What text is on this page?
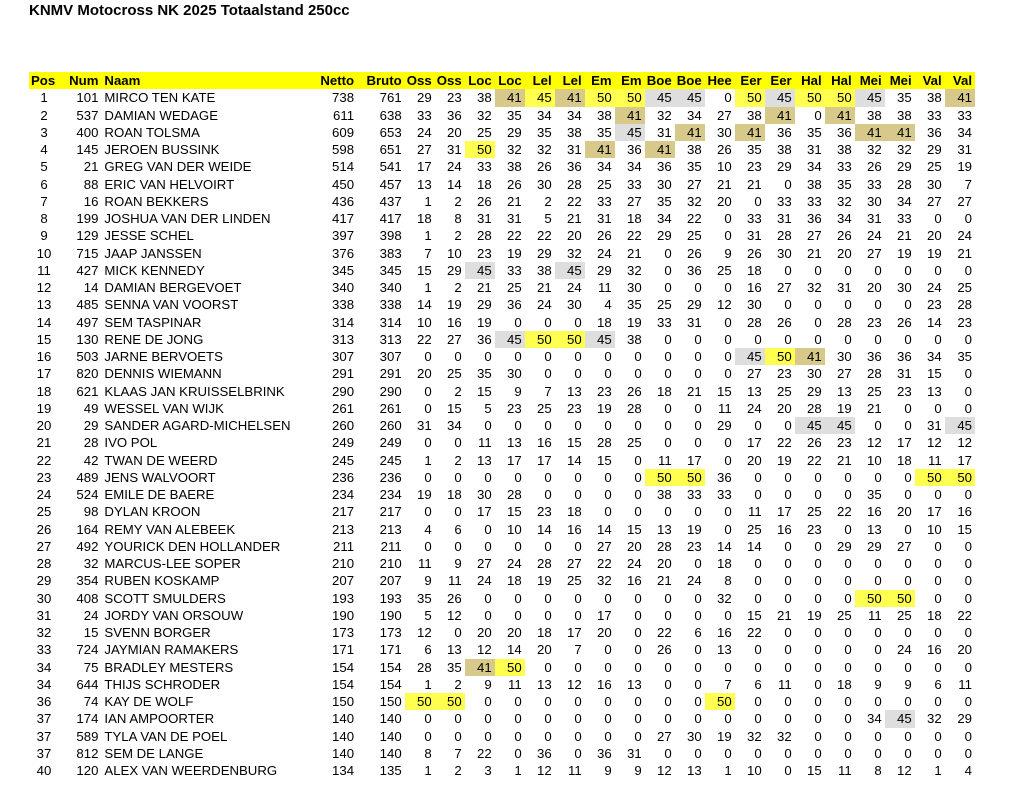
KNMV Motocross NK 2025 Totaalstand 250cc
Pos	Num	Naam	Netto	Bruto	Oss	Oss	Loc	Loc	Lel	Lel	Em	Em	Boe	Boe	Hee	Eer	Eer	Hal	Hal	Mei	Mei	Val	Val
1	101	MIRCO TEN KATE	738	761	29	23	38	41	45	41	50	50	45	45	0	50	45	50	50	45	35	38	41
2	537	DAMIAN WEDAGE	611	638	33	36	32	35	34	34	38	41	32	34	27	38	41	0	41	38	38	33	33
3	400	ROAN TOLSMA	609	653	24	20	25	29	35	38	35	45	31	41	30	41	36	35	36	41	41	36	34
4	145	JEROEN BUSSINK	598	651	27	31	50	32	32	31	41	36	41	38	26	35	38	31	38	32	32	29	31
5	21	GREG VAN DER WEIDE	514	541	17	24	33	38	26	36	34	34	36	35	10	23	29	34	33	26	29	25	19
6	88	ERIC VAN HELVOIRT	450	457	13	14	18	26	30	28	25	33	30	27	21	21	0	38	35	33	28	30	7
7	16	ROAN BEKKERS	436	437	1	2	26	21	2	22	33	27	35	32	20	0	33	33	32	30	34	27	27
8	199	JOSHUA VAN DER LINDEN	417	417	18	8	31	31	5	21	31	18	34	22	0	33	31	36	34	31	33	0	0
9	129	JESSE SCHEL	397	398	1	2	28	22	22	20	26	22	29	25	0	31	28	27	26	24	21	20	24
10	715	JAAP JANSSEN	376	383	7	10	23	19	29	32	24	21	0	26	9	26	30	21	20	27	19	19	21
11	427	MICK KENNEDY	345	345	15	29	45	33	38	45	29	32	0	36	25	18	0	0	0	0	0	0	0
12	14	DAMIAN BERGEVOET	340	340	1	2	21	25	21	24	11	30	0	0	0	16	27	32	31	20	30	24	25
13	485	SENNA VAN VOORST	338	338	14	19	29	36	24	30	4	35	25	29	12	30	0	0	0	0	0	23	28
14	497	SEM TASPINAR	314	314	10	16	19	0	0	0	18	19	33	31	0	28	26	0	28	23	26	14	23
15	130	RENE DE JONG	313	313	22	27	36	45	50	50	45	38	0	0	0	0	0	0	0	0	0	0	0
16	503	JARNE BERVOETS	307	307	0	0	0	0	0	0	0	0	0	0	0	45	50	41	30	36	36	34	35
17	820	DENNIS WIEMANN	291	291	20	25	35	30	0	0	0	0	0	0	0	27	23	30	27	28	31	15	0
18	621	KLAAS JAN KRUISSELBRINK	290	290	0	2	15	9	7	13	23	26	18	21	15	13	25	29	13	25	23	13	0
19	49	WESSEL VAN WIJK	261	261	0	15	5	23	25	23	19	28	0	0	11	24	20	28	19	21	0	0	0
20	29	SANDER AGARD-MICHELSEN	260	260	31	34	0	0	0	0	0	0	0	0	29	0	0	45	45	0	0	31	45
21	28	IVO POL	249	249	0	0	11	13	16	15	28	25	0	0	0	17	22	26	23	12	17	12	12
22	42	TWAN DE WEERD	245	245	1	2	13	17	17	14	15	0	11	17	0	20	19	22	21	10	18	11	17
23	489	JENS WALVOORT	236	236	0	0	0	0	0	0	0	0	50	50	36	0	0	0	0	0	0	50	50
24	524	EMILE DE BAERE	234	234	19	18	30	28	0	0	0	0	38	33	33	0	0	0	0	35	0	0	0
25	98	DYLAN KROON	217	217	0	0	17	15	23	18	0	0	0	0	0	11	17	25	22	16	20	17	16
26	164	REMY VAN ALEBEEK	213	213	4	6	0	10	14	16	14	15	13	19	0	25	16	23	0	13	0	10	15
27	492	YOURICK DEN HOLLANDER	211	211	0	0	0	0	0	0	27	20	28	23	14	14	0	0	29	29	27	0	0
28	32	MARCUS-LEE SOPER	210	210	11	9	27	24	28	27	22	24	20	0	18	0	0	0	0	0	0	0	0
29	354	RUBEN KOSKAMP	207	207	9	11	24	18	19	25	32	16	21	24	8	0	0	0	0	0	0	0	0
30	408	SCOTT SMULDERS	193	193	35	26	0	0	0	0	0	0	0	0	32	0	0	0	0	50	50	0	0
31	24	JORDY VAN ORSOUW	190	190	5	12	0	0	0	0	17	0	0	0	0	15	21	19	25	11	25	18	22
32	15	SVENN BORGER	173	173	12	0	20	20	18	17	20	0	22	6	16	22	0	0	0	0	0	0	0
33	724	JAYMIAN RAMAKERS	171	171	6	13	12	14	20	7	0	0	26	0	13	0	0	0	0	0	24	16	20
34	75	BRADLEY MESTERS	154	154	28	35	41	50	0	0	0	0	0	0	0	0	0	0	0	0	0	0	0
34	644	THIJS SCHRODER	154	154	1	2	9	11	13	12	16	13	0	0	7	6	11	0	18	9	9	6	11
36	74	KAY DE WOLF	150	150	50	50	0	0	0	0	0	0	0	0	50	0	0	0	0	0	0	0	0
37	174	IAN AMPOORTER	140	140	0	0	0	0	0	0	0	0	0	0	0	0	0	0	0	34	45	32	29
37	589	TYLA VAN DE POEL	140	140	0	0	0	0	0	0	0	0	27	30	19	32	32	0	0	0	0	0	0
37	812	SEM DE LANGE	140	140	8	7	22	0	36	0	36	31	0	0	0	0	0	0	0	0	0	0	0
40	120	ALEX VAN WEERDENBURG	134	135	1	2	3	1	12	11	9	9	12	13	1	10	0	15	11	8	12	1	4
